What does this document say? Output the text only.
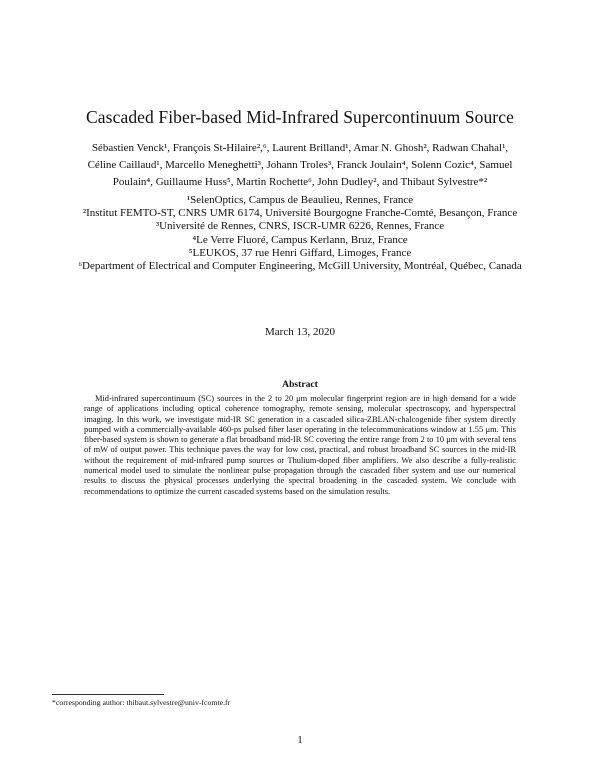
Cascaded Fiber-based Mid-Infrared Supercontinuum Source

Sébastien Venck¹, François St-Hilaire²,⁶, Laurent Brilland¹, Amar N. Ghosh², Radwan Chahal¹,

Céline Caillaud¹, Marcello Meneghetti³, Johann Troles³, Franck Joulain⁴, Solenn Cozic⁴, Samuel

Poulain⁴, Guillaume Huss⁵, Martin Rochette⁶, John Dudley², and Thibaut Sylvestre*²

¹SelenOptics, Campus de Beaulieu, Rennes, France

²Institut FEMTO-ST, CNRS UMR 6174, Université Bourgogne Franche-Comté, Besançon, France

³Université de Rennes, CNRS, ISCR-UMR 6226, Rennes, France

⁴Le Verre Fluoré, Campus Kerlann, Bruz, France

⁵LEUKOS, 37 rue Henri Giffard, Limoges, France

⁶Department of Electrical and Computer Engineering, McGill University, Montréal, Québec, Canada

March 13, 2020
Abstract

Mid-infrared supercontinuum (SC) sources in the 2 to 20 μm molecular fingerprint region are in high demand for a wide range of applications including optical coherence tomography, remote sensing, molecular spectroscopy, and hyperspectral imaging. In this work, we investigate mid-IR SC generation in a cascaded silica-ZBLAN-chalcogenide fiber system directly pumped with a commercially-available 460-ps pulsed fiber laser operating in the telecommunications window at 1.55 μm. This fiber-based system is shown to generate a flat broadband mid-IR SC covering the entire range from 2 to 10 μm with several tens of mW of output power. This technique paves the way for low cost, practical, and robust broadband SC sources in the mid-IR without the requirement of mid-infrared pump sources or Thulium-doped fiber amplifiers. We also describe a fully-realistic numerical model used to simulate the nonlinear pulse propagation through the cascaded fiber system and use our numerical results to discuss the physical processes underlying the spectral broadening in the cascaded system. We conclude with recommendations to optimize the current cascaded systems based on the simulation results.

*corresponding author: thibaut.sylvestre@univ-fcomte.fr
1
